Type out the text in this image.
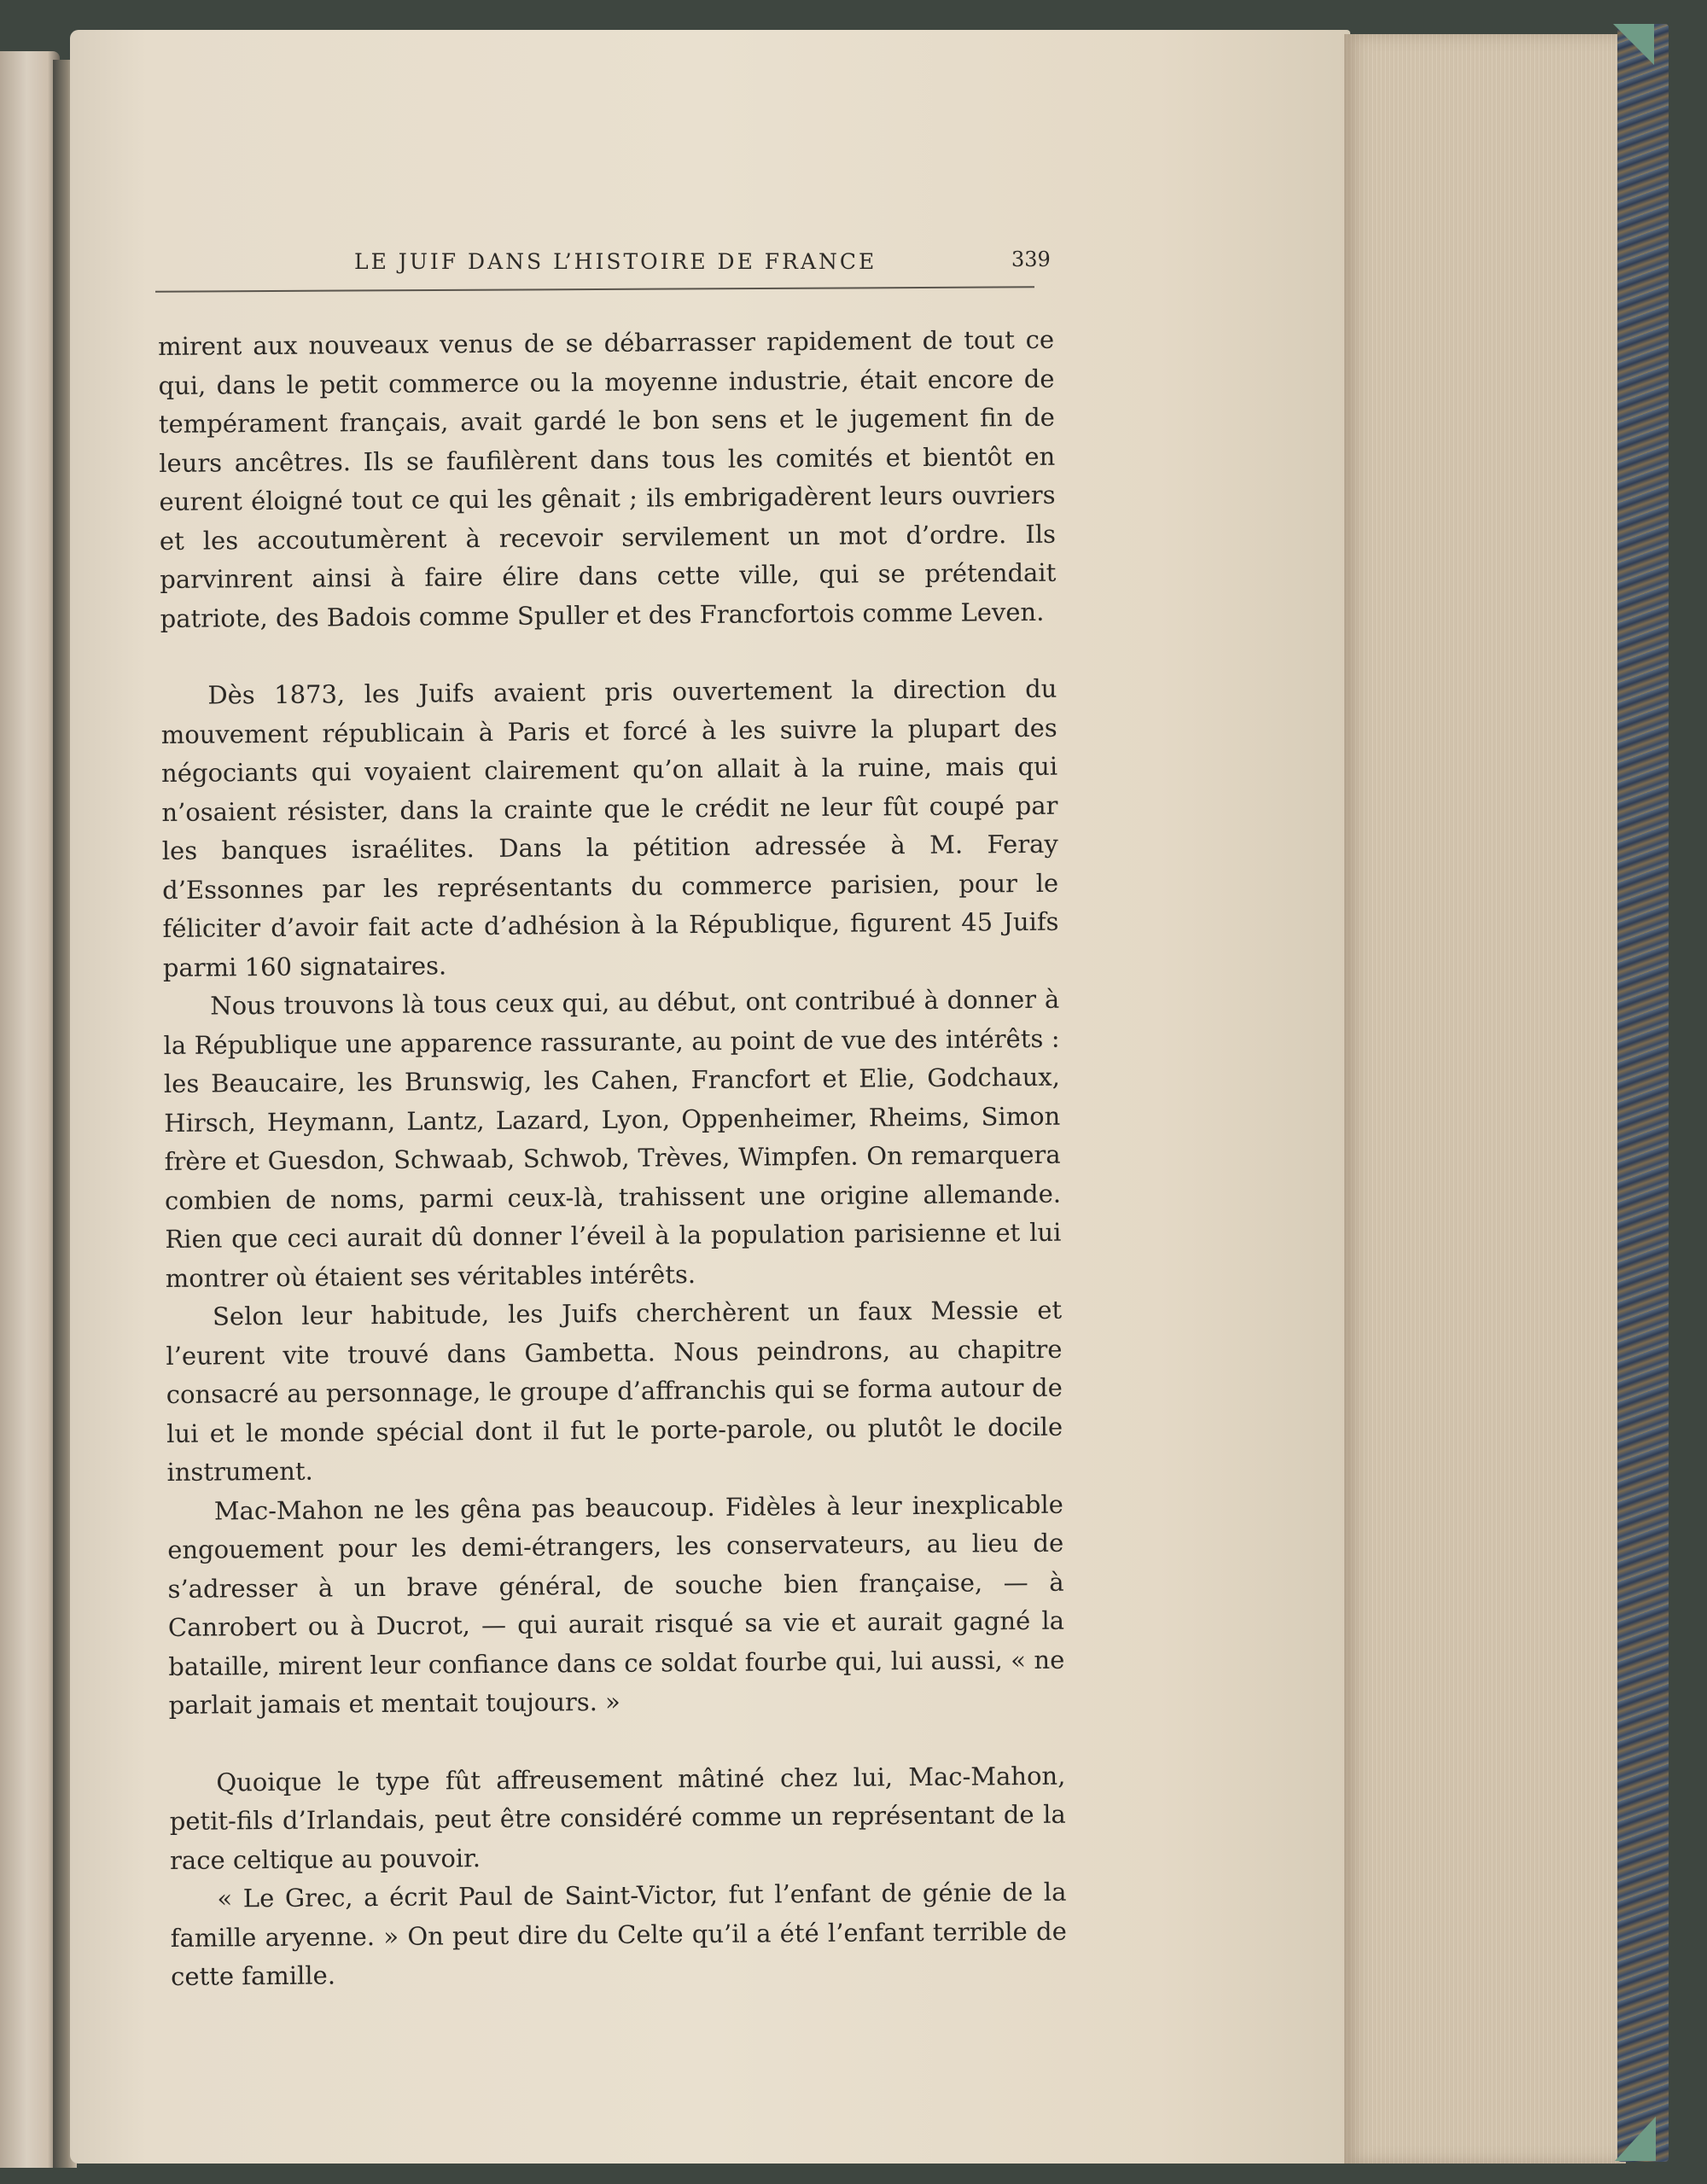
LE JUIF DANS L’HISTOIRE DE FRANCE	339

mirent aux nouveaux venus de se débarrasser rapidement de tout ce qui, dans le petit commerce ou la moyenne industrie, était encore de tempérament français, avait gardé le bon sens et le jugement fin de leurs ancêtres. Ils se faufilèrent dans tous les comités et bientôt en eurent éloigné tout ce qui les gênait ; ils embrigadèrent leurs ouvriers et les accoutumèrent à recevoir servilement un mot d’ordre. Ils parvinrent ainsi à faire élire dans cette ville, qui se prétendait patriote, des Badois comme Spuller et des Francfortois comme Leven.

Dès 1873, les Juifs avaient pris ouvertement la direction du mouvement républicain à Paris et forcé à les suivre la plupart des négociants qui voyaient clairement qu’on allait à la ruine, mais qui n’osaient résister, dans la crainte que le crédit ne leur fût coupé par les banques israélites. Dans la pétition adressée à M. Feray d’Essonnes par les représentants du commerce parisien, pour le féliciter d’avoir fait acte d’adhésion à la République, figurent 45 Juifs parmi 160 signataires.

Nous trouvons là tous ceux qui, au début, ont contribué à donner à la République une apparence rassurante, au point de vue des intérêts : les Beaucaire, les Brunswig, les Cahen, Francfort et Elie, Godchaux, Hirsch, Heymann, Lantz, Lazard, Lyon, Oppenheimer, Rheims, Simon frère et Guesdon, Schwaab, Schwob, Trèves, Wimpfen. On remarquera combien de noms, parmi ceux-là, trahissent une origine allemande. Rien que ceci aurait dû donner l’éveil à la population parisienne et lui montrer où étaient ses véritables intérêts.

Selon leur habitude, les Juifs cherchèrent un faux Messie et l’eurent vite trouvé dans Gambetta. Nous peindrons, au chapitre consacré au personnage, le groupe d’affranchis qui se forma autour de lui et le monde spécial dont il fut le porte-parole, ou plutôt le docile instrument.

Mac-Mahon ne les gêna pas beaucoup. Fidèles à leur inexplicable engouement pour les demi-étrangers, les conservateurs, au lieu de s’adresser à un brave général, de souche bien française, — à Canrobert ou à Ducrot, — qui aurait risqué sa vie et aurait gagné la bataille, mirent leur confiance dans ce soldat fourbe qui, lui aussi, « ne parlait jamais et mentait toujours. »

Quoique le type fût affreusement mâtiné chez lui, Mac-Mahon, petit-fils d’Irlandais, peut être considéré comme un représentant de la race celtique au pouvoir.

« Le Grec, a écrit Paul de Saint-Victor, fut l’enfant de génie de la famille aryenne. » On peut dire du Celte qu’il a été l’enfant terrible de cette famille.
